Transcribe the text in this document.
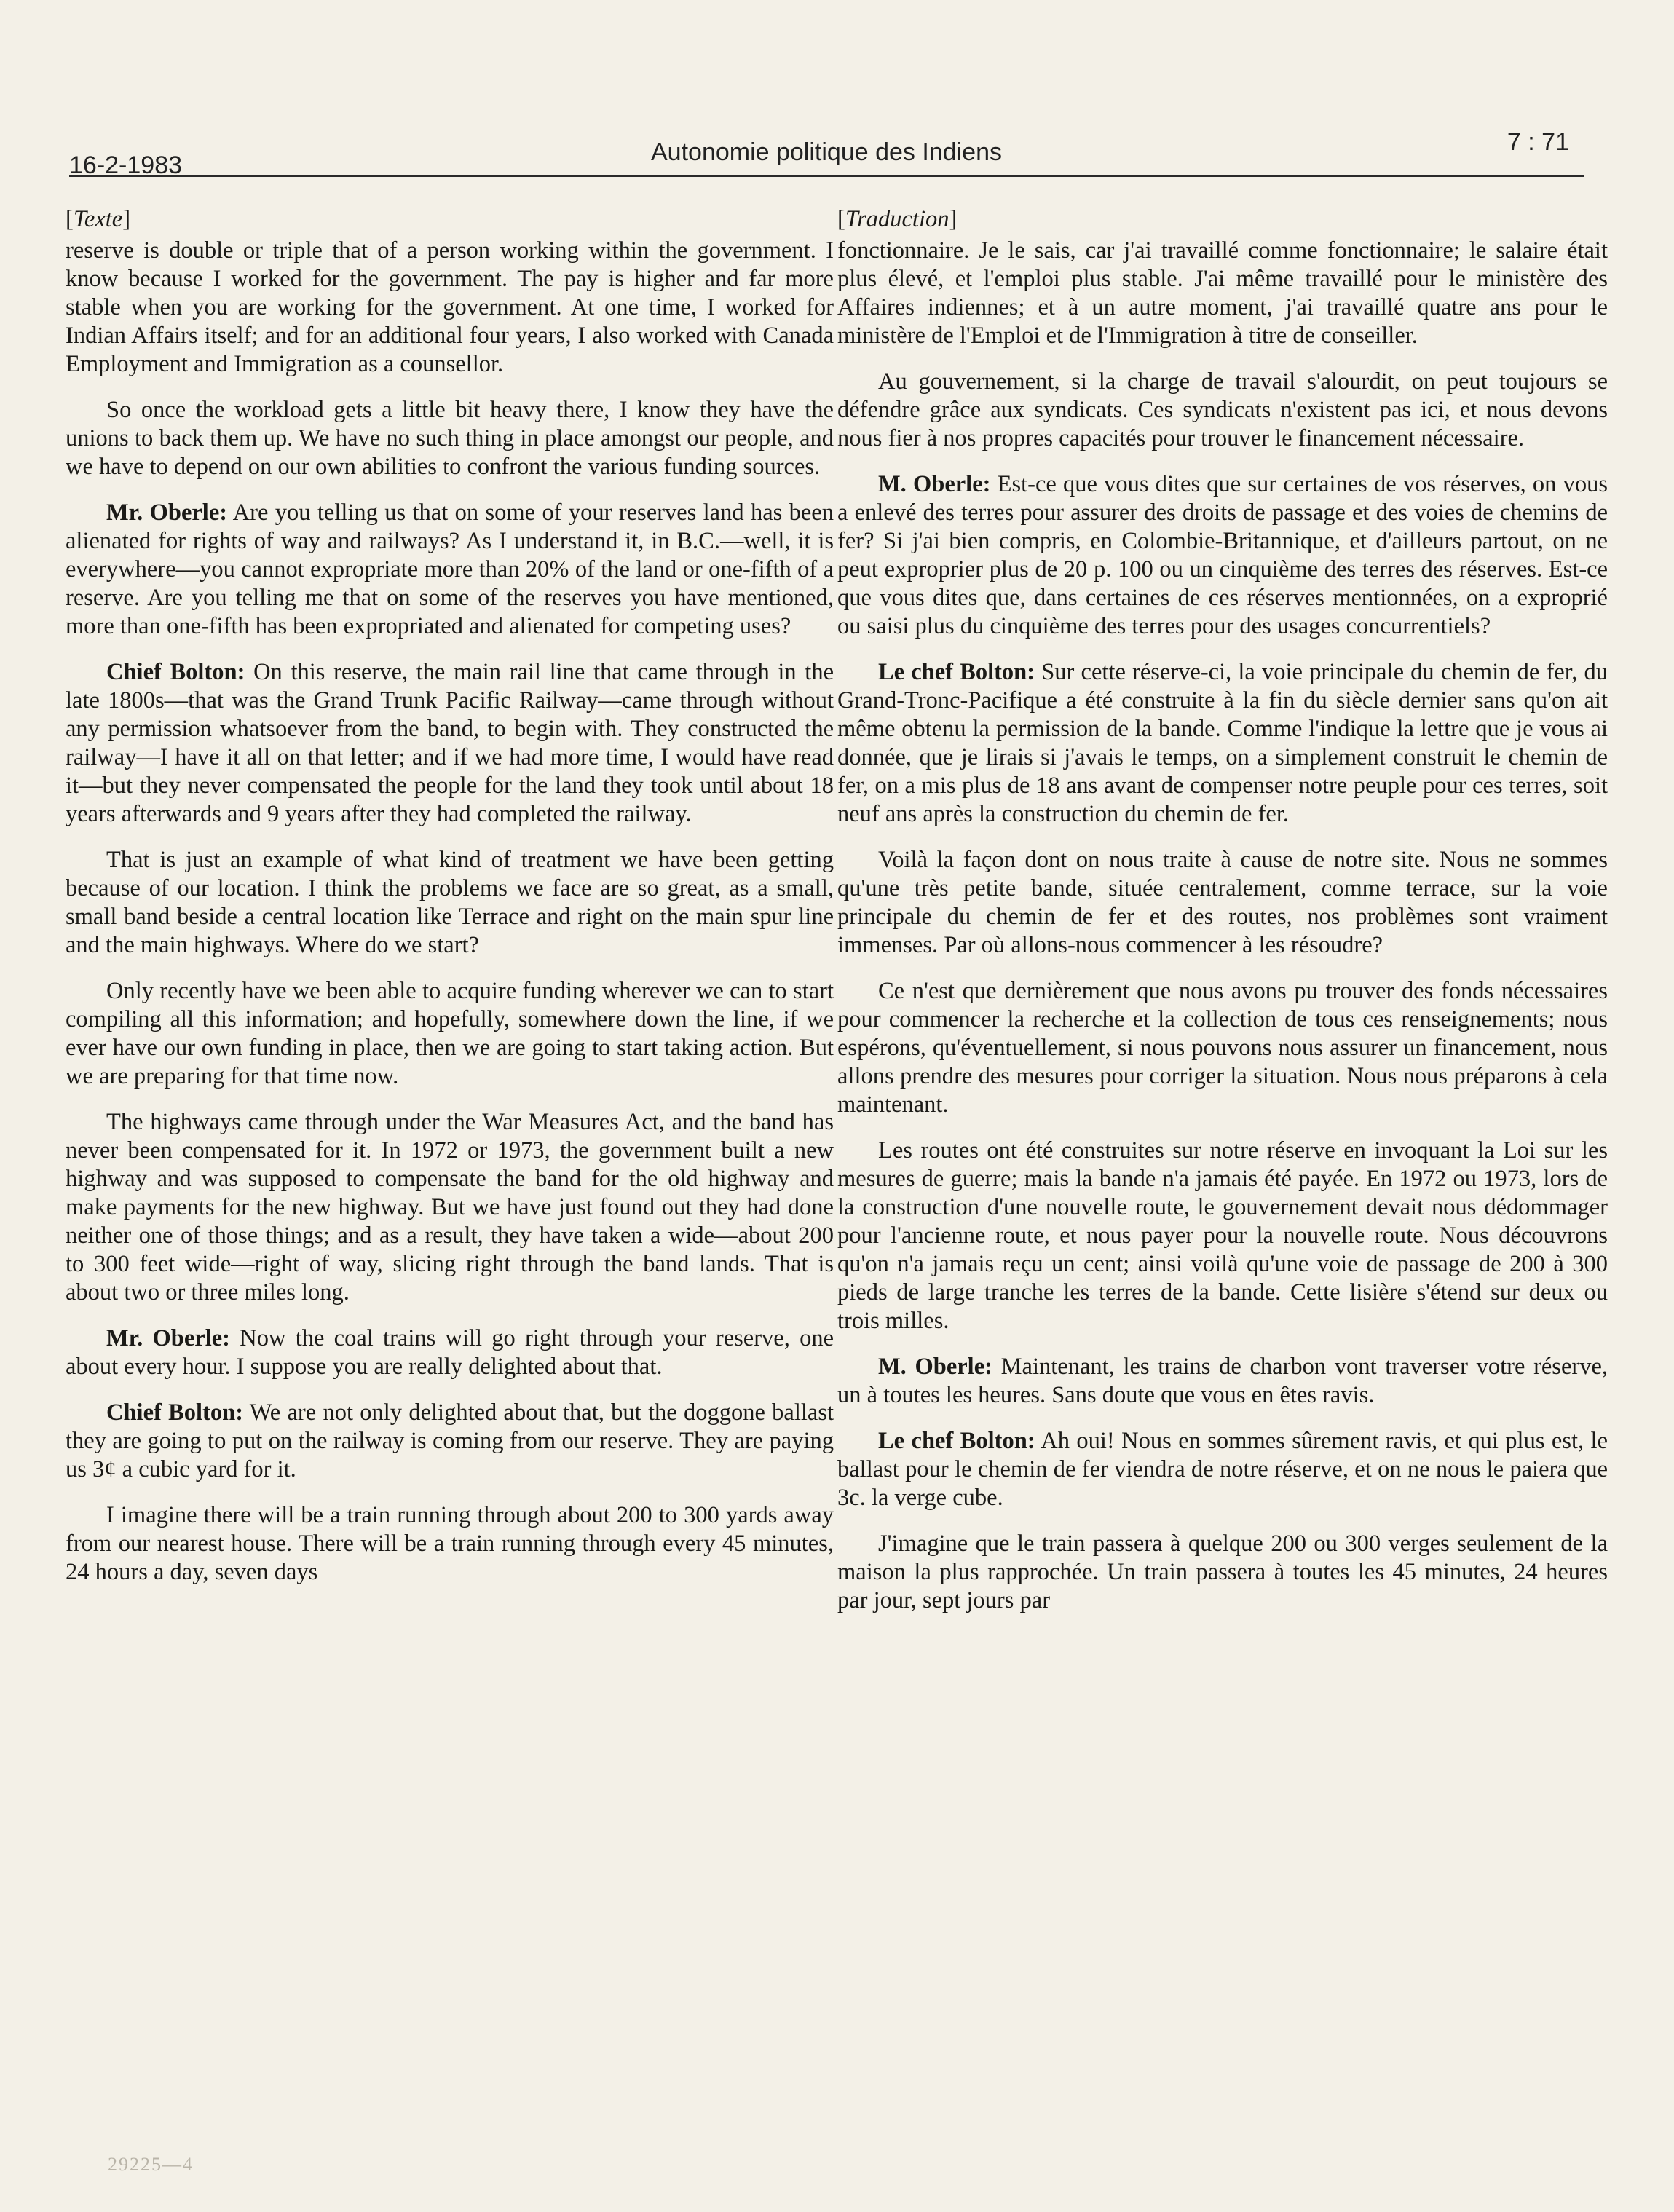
16-2-1983	Autonomie politique des Indiens	7 : 71
[Texte]

reserve is double or triple that of a person working within the government. I know because I worked for the government. The pay is higher and far more stable when you are working for the government. At one time, I worked for Indian Affairs itself; and for an additional four years, I also worked with Canada Employment and Immigration as a counsellor.

So once the workload gets a little bit heavy there, I know they have the unions to back them up. We have no such thing in place amongst our people, and we have to depend on our own abilities to confront the various funding sources.

Mr. Oberle: Are you telling us that on some of your reserves land has been alienated for rights of way and railways? As I understand it, in B.C.—well, it is everywhere—you cannot expropriate more than 20% of the land or one-fifth of a reserve. Are you telling me that on some of the reserves you have mentioned, more than one-fifth has been expropriated and alienated for competing uses?

Chief Bolton: On this reserve, the main rail line that came through in the late 1800s—that was the Grand Trunk Pacific Railway—came through without any permission whatsoever from the band, to begin with. They constructed the railway—I have it all on that letter; and if we had more time, I would have read it—but they never compensated the people for the land they took until about 18 years afterwards and 9 years after they had completed the railway.

That is just an example of what kind of treatment we have been getting because of our location. I think the problems we face are so great, as a small, small band beside a central location like Terrace and right on the main spur line and the main highways. Where do we start?

Only recently have we been able to acquire funding wherever we can to start compiling all this information; and hopefully, somewhere down the line, if we ever have our own funding in place, then we are going to start taking action. But we are preparing for that time now.

The highways came through under the War Measures Act, and the band has never been compensated for it. In 1972 or 1973, the government built a new highway and was supposed to compensate the band for the old highway and make payments for the new highway. But we have just found out they had done neither one of those things; and as a result, they have taken a wide—about 200 to 300 feet wide—right of way, slicing right through the band lands. That is about two or three miles long.

Mr. Oberle: Now the coal trains will go right through your reserve, one about every hour. I suppose you are really delighted about that.

Chief Bolton: We are not only delighted about that, but the doggone ballast they are going to put on the railway is coming from our reserve. They are paying us 3¢ a cubic yard for it.

I imagine there will be a train running through about 200 to 300 yards away from our nearest house. There will be a train running through every 45 minutes, 24 hours a day, seven days

[Traduction]

fonctionnaire. Je le sais, car j'ai travaillé comme fonctionnaire; le salaire était plus élevé, et l'emploi plus stable. J'ai même travaillé pour le ministère des Affaires indiennes; et à un autre moment, j'ai travaillé quatre ans pour le ministère de l'Emploi et de l'Immigration à titre de conseiller.

Au gouvernement, si la charge de travail s'alourdit, on peut toujours se défendre grâce aux syndicats. Ces syndicats n'existent pas ici, et nous devons nous fier à nos propres capacités pour trouver le financement nécessaire.

M. Oberle: Est-ce que vous dites que sur certaines de vos réserves, on vous a enlevé des terres pour assurer des droits de passage et des voies de chemins de fer? Si j'ai bien compris, en Colombie-Britannique, et d'ailleurs partout, on ne peut exproprier plus de 20 p. 100 ou un cinquième des terres des réserves. Est-ce que vous dites que, dans certaines de ces réserves mentionnées, on a exproprié ou saisi plus du cinquième des terres pour des usages concurrentiels?

Le chef Bolton: Sur cette réserve-ci, la voie principale du chemin de fer, du Grand-Tronc-Pacifique a été construite à la fin du siècle dernier sans qu'on ait même obtenu la permission de la bande. Comme l'indique la lettre que je vous ai donnée, que je lirais si j'avais le temps, on a simplement construit le chemin de fer, on a mis plus de 18 ans avant de compenser notre peuple pour ces terres, soit neuf ans après la construction du chemin de fer.

Voilà la façon dont on nous traite à cause de notre site. Nous ne sommes qu'une très petite bande, située centralement, comme terrace, sur la voie principale du chemin de fer et des routes, nos problèmes sont vraiment immenses. Par où allons-nous commencer à les résoudre?

Ce n'est que dernièrement que nous avons pu trouver des fonds nécessaires pour commencer la recherche et la collection de tous ces renseignements; nous espérons, qu'éventuellement, si nous pouvons nous assurer un financement, nous allons prendre des mesures pour corriger la situation. Nous nous préparons à cela maintenant.

Les routes ont été construites sur notre réserve en invoquant la Loi sur les mesures de guerre; mais la bande n'a jamais été payée. En 1972 ou 1973, lors de la construction d'une nouvelle route, le gouvernement devait nous dédommager pour l'ancienne route, et nous payer pour la nouvelle route. Nous découvrons qu'on n'a jamais reçu un cent; ainsi voilà qu'une voie de passage de 200 à 300 pieds de large tranche les terres de la bande. Cette lisière s'étend sur deux ou trois milles.

M. Oberle: Maintenant, les trains de charbon vont traverser votre réserve, un à toutes les heures. Sans doute que vous en êtes ravis.

Le chef Bolton: Ah oui! Nous en sommes sûrement ravis, et qui plus est, le ballast pour le chemin de fer viendra de notre réserve, et on ne nous le paiera que 3c. la verge cube.

J'imagine que le train passera à quelque 200 ou 300 verges seulement de la maison la plus rapprochée. Un train passera à toutes les 45 minutes, 24 heures par jour, sept jours par

29225—4
